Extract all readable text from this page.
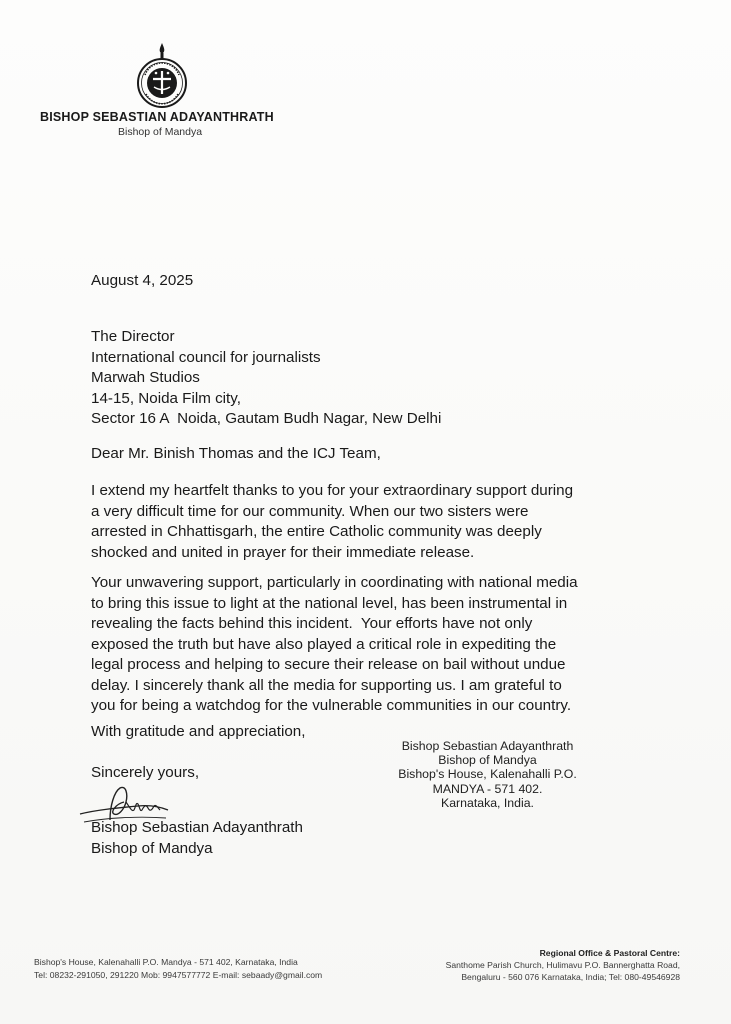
BISHOP SEBASTIAN ADAYANTHRATH
Bishop of Mandya
August 4, 2025
The Director
International council for journalists
Marwah Studios
14-15, Noida Film city,
Sector 16 A  Noida, Gautam Budh Nagar, New Delhi
Dear Mr. Binish Thomas and the ICJ Team,
I extend my heartfelt thanks to you for your extraordinary support during
a very difficult time for our community. When our two sisters were
arrested in Chhattisgarh, the entire Catholic community was deeply
shocked and united in prayer for their immediate release.
Your unwavering support, particularly in coordinating with national media
to bring this issue to light at the national level, has been instrumental in
revealing the facts behind this incident.  Your efforts have not only
exposed the truth but have also played a critical role in expediting the
legal process and helping to secure their release on bail without undue
delay. I sincerely thank all the media for supporting us. I am grateful to
you for being a watchdog for the vulnerable communities in our country.
With gratitude and appreciation,
Bishop Sebastian Adayanthrath
Bishop of Mandya
Bishop's House, Kalenahalli P.O.
MANDYA - 571 402.
Karnataka, India.
Sincerely yours,
Bishop Sebastian Adayanthrath
Bishop of Mandya
Bishop's House, Kalenahalli P.O. Mandya - 571 402, Karnataka, India
Tel: 08232-291050, 291220 Mob: 9947577772 E-mail: sebaady@gmail.com
Regional Office & Pastoral Centre:
Santhome Parish Church, Hulimavu P.O. Bannerghatta Road,
Bengaluru - 560 076 Karnataka, India; Tel: 080-49546928
